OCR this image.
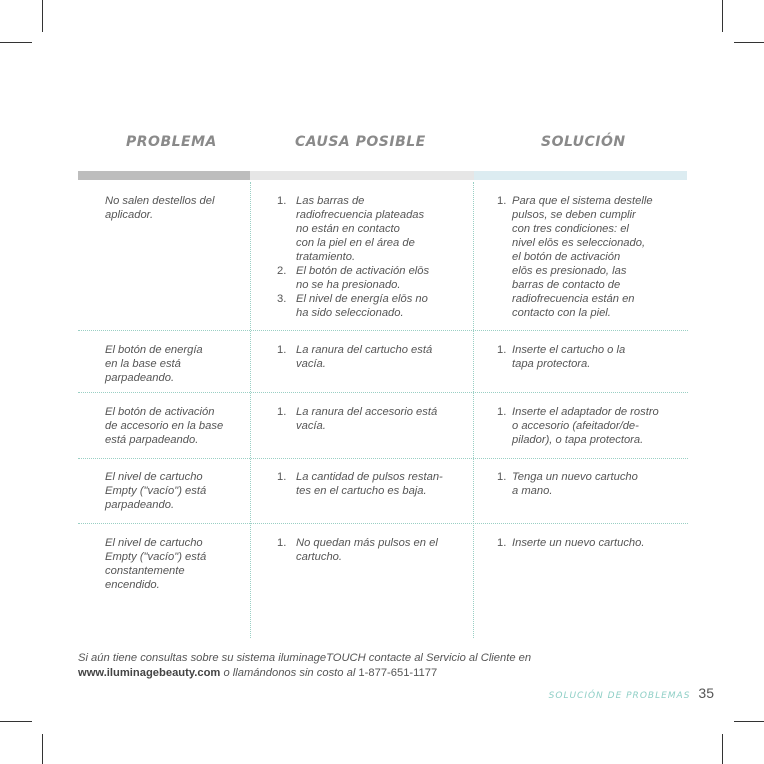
PROBLEMA	CAUSA POSIBLE	SOLUCIÓN
No salen destellos del
aplicador.
1. Las barras de
radiofrecuencia plateadas
no están en contacto
con la piel en el área de
tratamiento.
2. El botón de activación elōs
no se ha presionado.
3. El nivel de energía elōs no
ha sido seleccionado.
1. Para que el sistema destelle
pulsos, se deben cumplir
con tres condiciones: el
nivel elōs es seleccionado,
el botón de activación
elōs es presionado, las
barras de contacto de
radiofrecuencia están en
contacto con la piel.
El botón de energía
en la base está
parpadeando.
1. La ranura del cartucho está
vacía.
1. Inserte el cartucho o la
tapa protectora.
El botón de activación
de accesorio en la base
está parpadeando.
1. La ranura del accesorio está
vacía.
1. Inserte el adaptador de rostro
o accesorio (afeitador/de-
pilador), o tapa protectora.
El nivel de cartucho
Empty ("vacío") está
parpadeando.
1. La cantidad de pulsos restan-
tes en el cartucho es baja.
1. Tenga un nuevo cartucho
a mano.
El nivel de cartucho
Empty ("vacío") está
constantemente
encendido.
1. No quedan más pulsos en el
cartucho.
1. Inserte un nuevo cartucho.
Si aún tiene consultas sobre su sistema iluminageTOUCH contacte al Servicio al Cliente en
www.iluminagebeauty.com o llamándonos sin costo al 1-877-651-1177
SOLUCIÓN DE PROBLEMAS 35
